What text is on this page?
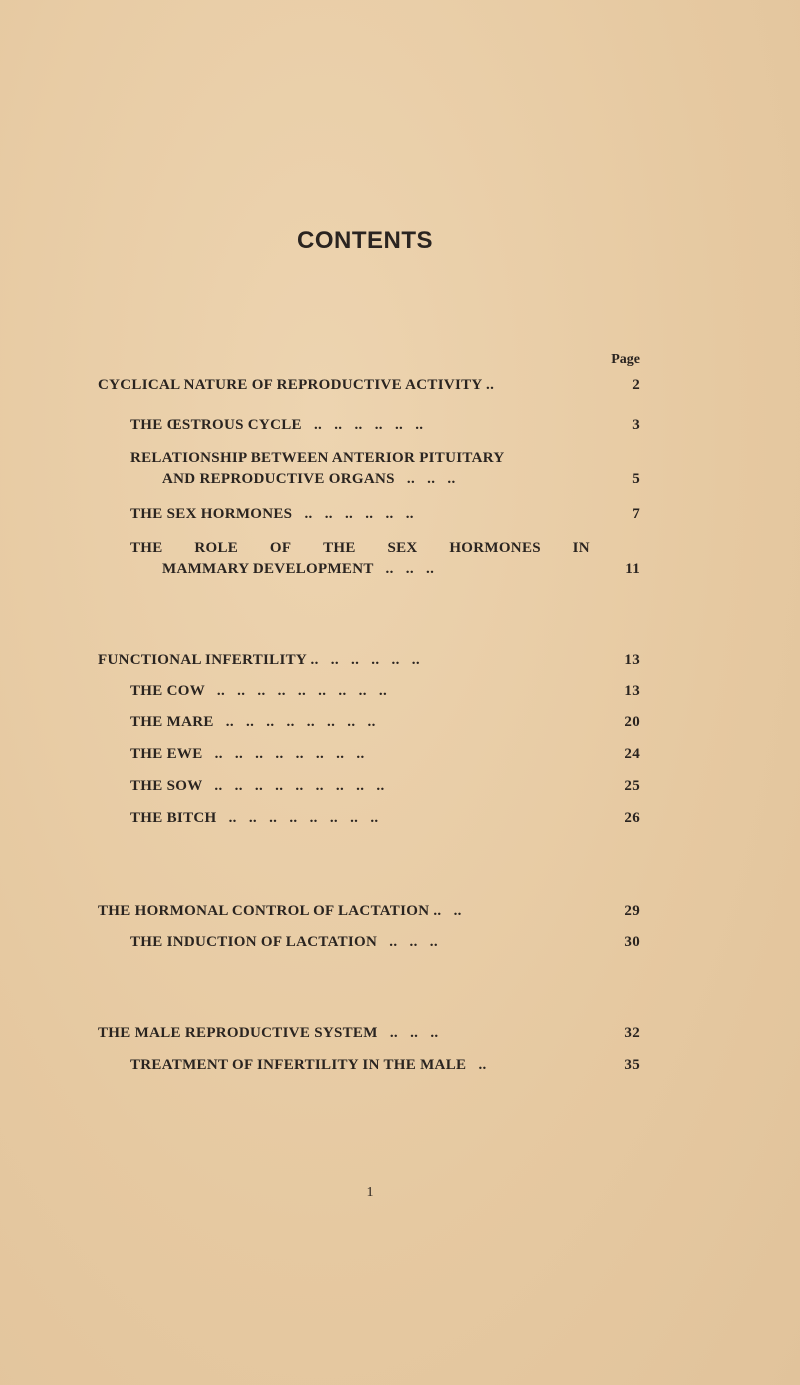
CONTENTS
Page
CYCLICAL NATURE OF REPRODUCTIVE ACTIVITY ..	2
THE ŒSTROUS CYCLE   ..   ..   ..   ..   ..   ..	3
RELATIONSHIP BETWEEN ANTERIOR PITUITARY
AND REPRODUCTIVE ORGANS   ..   ..   ..	5
THE SEX HORMONES   ..   ..   ..   ..   ..   ..	7
THE ROLE OF THE SEX HORMONES IN
MAMMARY DEVELOPMENT   ..   ..   ..	11
FUNCTIONAL INFERTILITY ..   ..   ..   ..   ..   ..	13
THE COW   ..   ..   ..   ..   ..   ..   ..   ..   ..	13
THE MARE   ..   ..   ..   ..   ..   ..   ..   ..	20
THE EWE   ..   ..   ..   ..   ..   ..   ..   ..	24
THE SOW   ..   ..   ..   ..   ..   ..   ..   ..   ..	25
THE BITCH   ..   ..   ..   ..   ..   ..   ..   ..	26
THE HORMONAL CONTROL OF LACTATION ..   ..	29
THE INDUCTION OF LACTATION   ..   ..   ..	30
THE MALE REPRODUCTIVE SYSTEM   ..   ..   ..	32
TREATMENT OF INFERTILITY IN THE MALE   ..	35
1
